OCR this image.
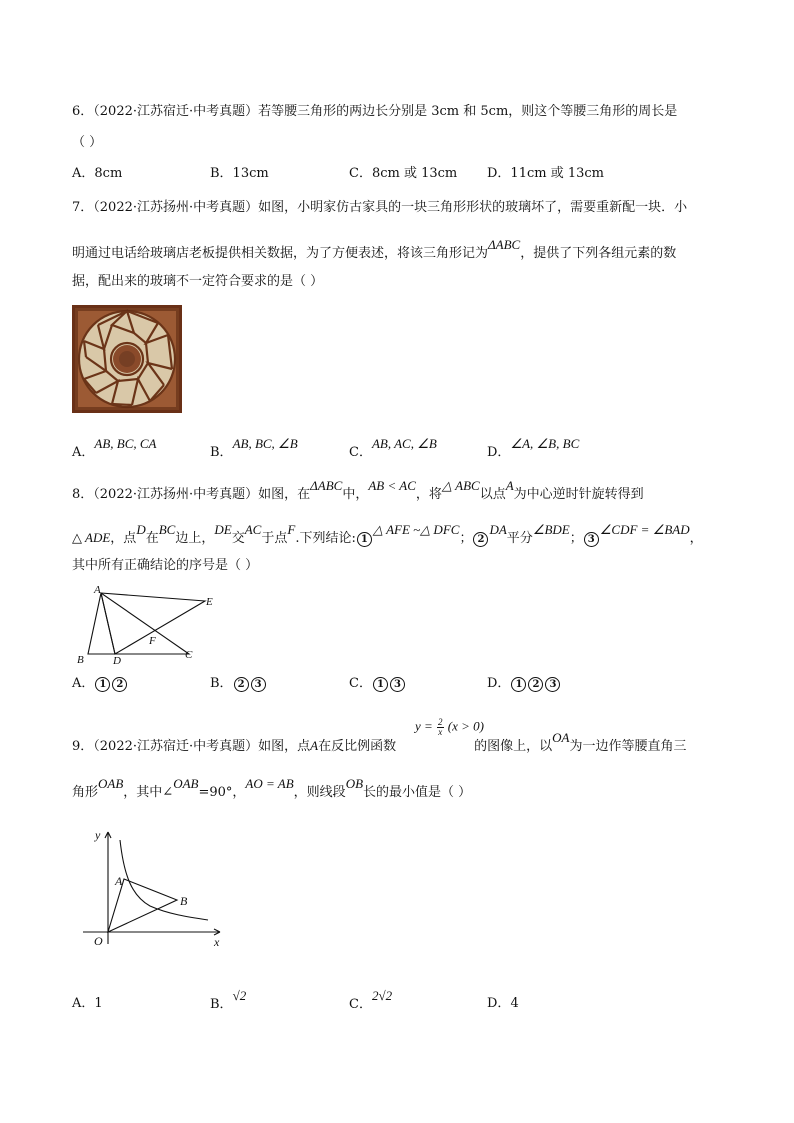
6．（2022·江苏宿迁·中考真题）若等腰三角形的两边长分别是 3cm 和 5cm，则这个等腰三角形的周长是
（ ）
A．8cm	B．13cm	C．8cm 或 13cm D．11cm 或 13cm
7．（2022·江苏扬州·中考真题）如图，小明家仿古家具的一块三角形形状的玻璃坏了，需要重新配一块．小
明通过电话给玻璃店老板提供相关数据，为了方便表述，将该三角形记为ΔABC，提供了下列各组元素的数
据，配出来的玻璃不一定符合要求的是（ ）
A．AB, BC, CA
B．AB, BC, ∠B
C．AB, AC, ∠B
D．∠A, ∠B, BC
8．（2022·江苏扬州·中考真题）如图，在ΔABC中，AB < AC，将△ ABC以点A为中心逆时针旋转得到
△ ADE，点D在BC边上，DE交AC于点F.下列结论: 1△ AFE ~△ DFC； 2DA平分∠BDE； 3∠CDF = ∠BAD，
其中所有正确结论的序号是（ ）
A
E
F
B	D	C
A． 1 2	B． 2 3	C． 1 3	D． 1 2 3
9．（2022·江苏宿迁·中考真题）如图，点A在反比例函数	的图像上，以OA为一边作等腰直角三
$y = \frac{2}{x} (x > 0)$
角形OAB，其中∠OAB=90°，AO = AB，则线段OB长的最小值是（ ）
y
A
B
O	x
A．1	B．√2
C．2√2
D．4
